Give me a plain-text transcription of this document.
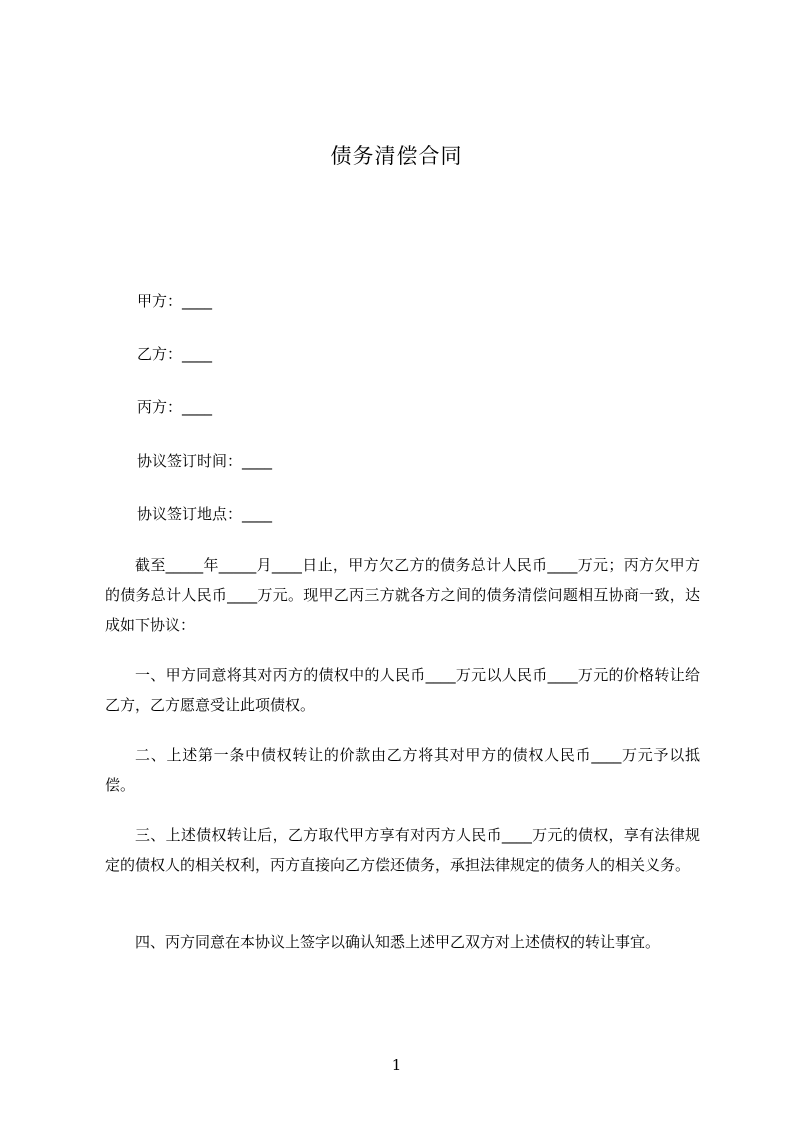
债务清偿合同
甲方：____
乙方：____
丙方：____
协议签订时间：____
协议签订地点：____
截至_____年_____月____日止，甲方欠乙方的债务总计人民币____万元；丙方欠甲方的债务总计人民币____万元。现甲乙丙三方就各方之间的债务清偿问题相互协商一致，达成如下协议：
一、甲方同意将其对丙方的债权中的人民币____万元以人民币____万元的价格转让给乙方，乙方愿意受让此项债权。
二、上述第一条中债权转让的价款由乙方将其对甲方的债权人民币____万元予以抵偿。
三、上述债权转让后，乙方取代甲方享有对丙方人民币____万元的债权，享有法律规定的债权人的相关权利，丙方直接向乙方偿还债务，承担法律规定的债务人的相关义务。
四、丙方同意在本协议上签字以确认知悉上述甲乙双方对上述债权的转让事宜。
1
